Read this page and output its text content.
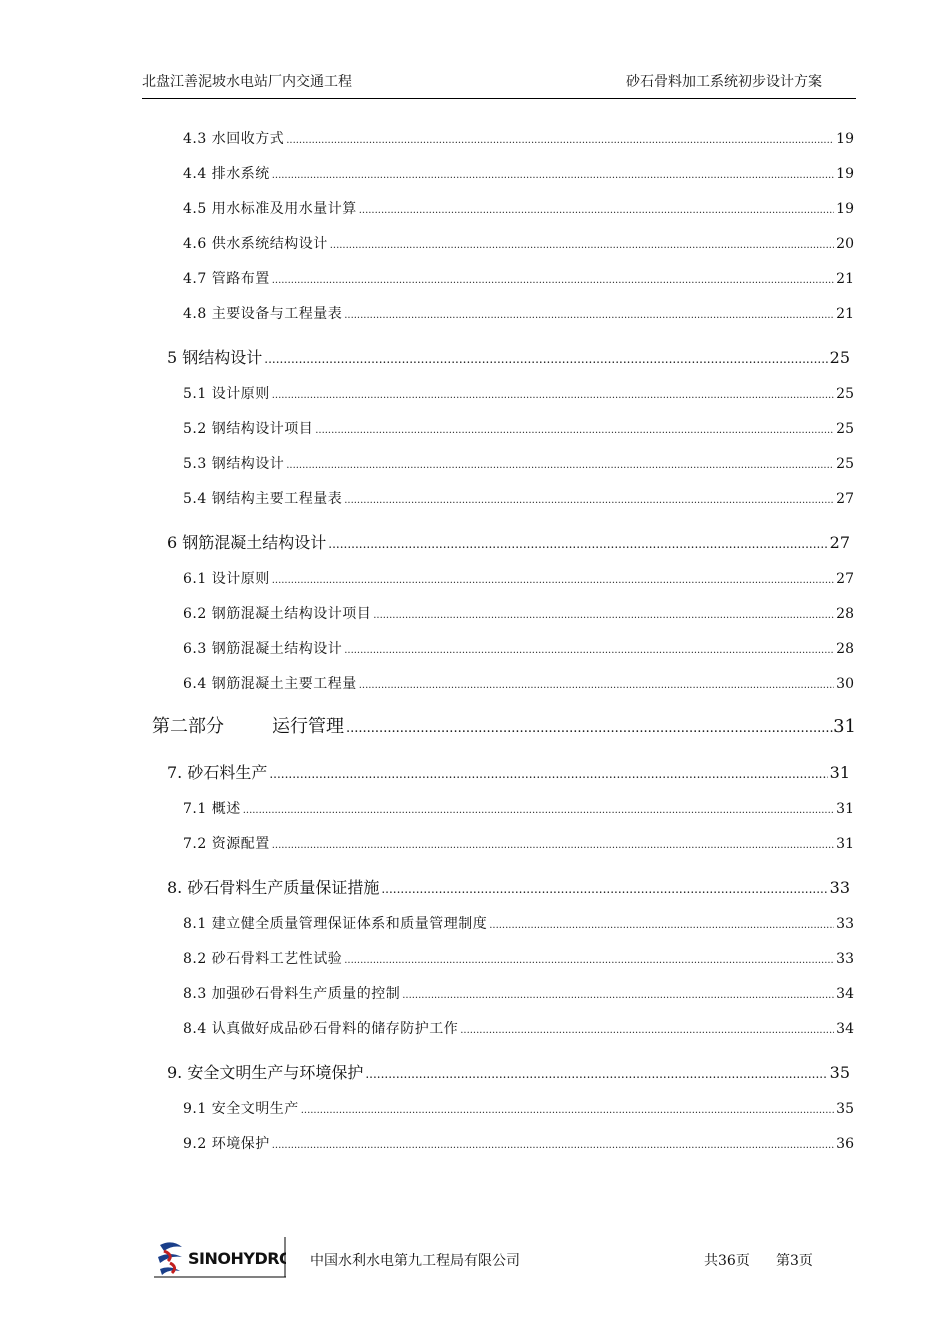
北盘江善泥坡水电站厂内交通工程	砂石骨料加工系统初步设计方案
4.3 水回收方式 .....	19
4.4 排水系统 .....	19
4.5 用水标准及用水量计算 .....	19
4.6 供水系统结构设计 .....	20
4.7 管路布置 .....	21
4.8 主要设备与工程量表 .....	21
5 钢结构设计 .....	25
5.1 设计原则 .....	25
5.2 钢结构设计项目 .....	25
5.3 钢结构设计 .....	25
5.4 钢结构主要工程量表 .....	27
6 钢筋混凝土结构设计 .....	27
6.1 设计原则 .....	27
6.2 钢筋混凝土结构设计项目 .....	28
6.3 钢筋混凝土结构设计 .....	28
6.4 钢筋混凝土主要工程量 .....	30
第二部分	运行管理 .....	31
7. 砂石料生产 .....	31
7.1 概述 .....	31
7.2 资源配置 .....	31
8. 砂石骨料生产质量保证措施 .....	33
8.1 建立健全质量管理保证体系和质量管理制度 .....	33
8.2 砂石骨料工艺性试验 .....	33
8.3 加强砂石骨料生产质量的控制 .....	34
8.4 认真做好成品砂石骨料的储存防护工作 .....	34
9. 安全文明生产与环境保护 .....	35
9.1 安全文明生产 .....	35
9.2 环境保护 .....	36
SINOHYDRO 中国水利水电第九工程局有限公司	共36页 第3页
